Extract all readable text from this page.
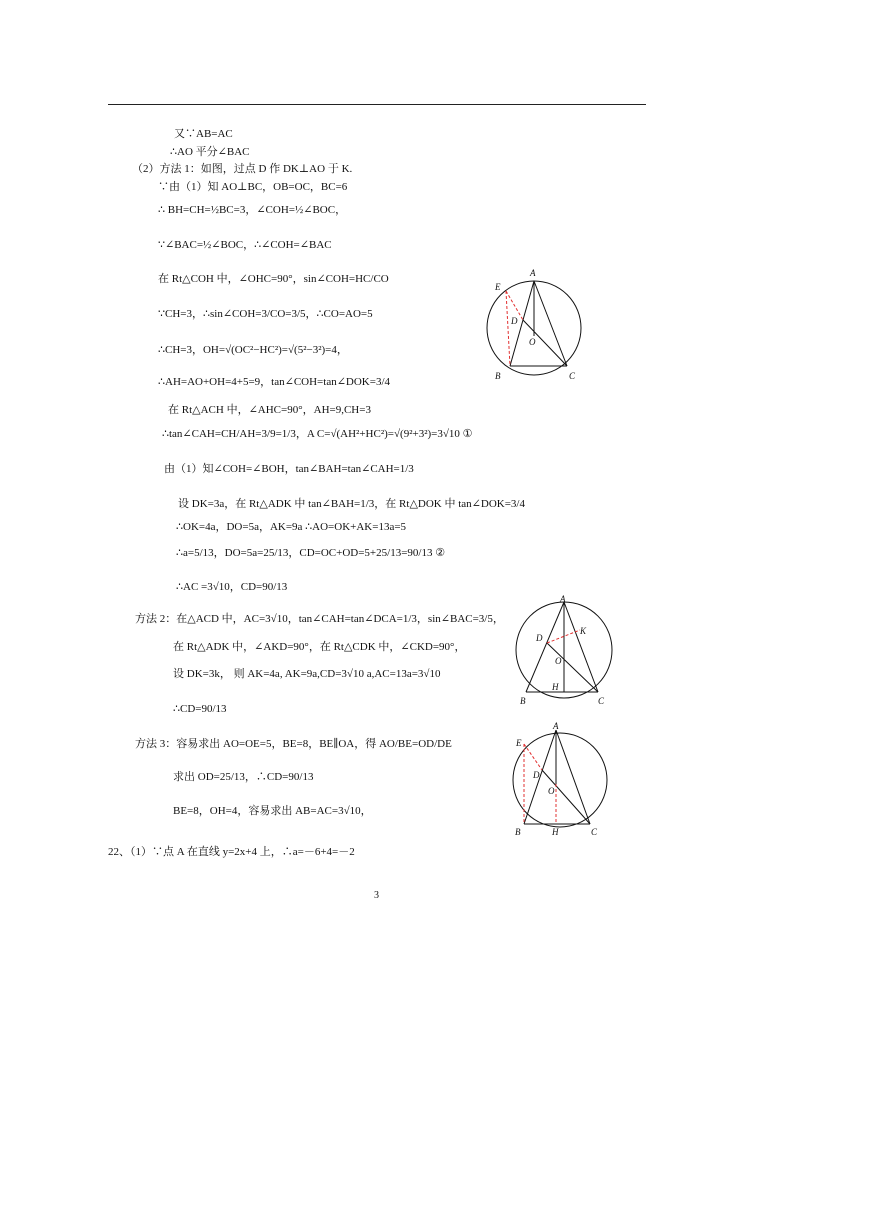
又∵AB=AC
∴AO 平分∠BAC
（2）方法 1：如图，过点 D 作 DK⊥AO 于 K.
∵由（1）知 AO⊥BC，OB=OC，BC=6
∴ BH=CH=½BC=3，∠COH=½∠BOC，
∵∠BAC=½∠BOC，∴∠COH=∠BAC
在 Rt△COH 中，∠OHC=90°，sin∠COH=HC/CO
∵CH=3，∴sin∠COH=3/CO=3/5，∴CO=AO=5
∴CH=3，OH=√(OC²−HC²)=√(5²−3²)=4，
∴AH=AO+OH=4+5=9，tan∠COH=tan∠DOK=3/4
在 Rt△ACH 中，∠AHC=90°，AH=9,CH=3
∴tan∠CAH=CH/AH=3/9=1/3，A C=√(AH²+HC²)=√(9²+3²)=3√10 ①
由（1）知∠COH=∠BOH，tan∠BAH=tan∠CAH=1/3
设 DK=3a，在 Rt△ADK 中 tan∠BAH=1/3，在 Rt△DOK 中 tan∠DOK=3/4
∴OK=4a，DO=5a，AK=9a ∴AO=OK+AK=13a=5
∴a=5/13，DO=5a=25/13，CD=OC+OD=5+25/13=90/13 ②
∴AC =3√10，CD=90/13
方法 2：在△ACD 中，AC=3√10，tan∠CAH=tan∠DCA=1/3，sin∠BAC=3/5，
在 Rt△ADK 中，∠AKD=90°，在 Rt△CDK 中，∠CKD=90°，
设 DK=3k， 则 AK=4a, AK=9a,CD=3√10 a,AC=13a=3√10
∴CD=90/13
方法 3：容易求出 AO=OE=5，BE=8，BE∥OA，得 AO/BE=OD/DE
求出 OD=25/13，∴CD=90/13
BE=8，OH=4，容易求出 AB=AC=3√10，
22、（1）∵点 A 在直线 y=2x+4 上，∴a=－6+4=－2
3
A
E
D
O
B	C
A
D
K
O
H
B	C
A
E
D
O
B	H	C
